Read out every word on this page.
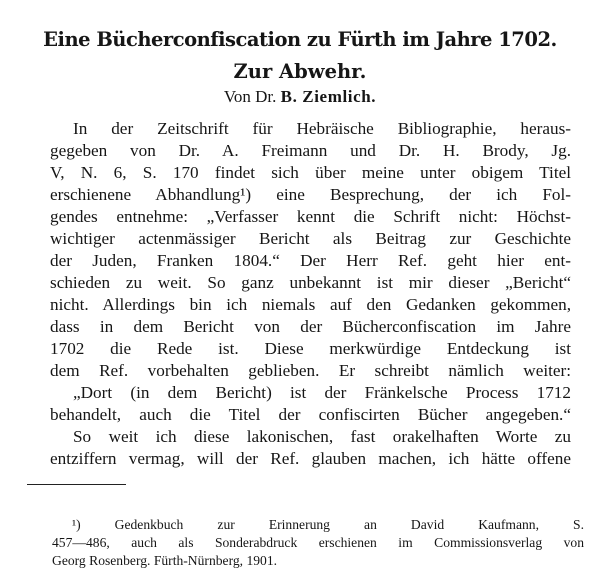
Eine Bücherconfiscation zu Fürth im Jahre 1702.
Zur Abwehr.
Von Dr. B. Ziemlich.
In der Zeitschrift für Hebräische Bibliographie, heraus-
gegeben von Dr. A. Freimann und Dr. H. Brody, Jg.
V, N. 6, S. 170 findet sich über meine unter obigem Titel
erschienene Abhandlung¹) eine Besprechung, der ich Fol-
gendes entnehme: „Verfasser kennt die Schrift nicht: Höchst-
wichtiger actenmässiger Bericht als Beitrag zur Geschichte
der Juden, Franken 1804.“ Der Herr Ref. geht hier ent-
schieden zu weit. So ganz unbekannt ist mir dieser „Bericht“
nicht. Allerdings bin ich niemals auf den Gedanken gekommen,
dass in dem Bericht von der Bücherconfiscation im Jahre
1702 die Rede ist. Diese merkwürdige Entdeckung ist
dem Ref. vorbehalten geblieben. Er schreibt nämlich weiter:
„Dort (in dem Bericht) ist der Fränkelsche Process 1712
behandelt, auch die Titel der confiscirten Bücher angegeben.“
So weit ich diese lakonischen, fast orakelhaften Worte zu
entziffern vermag, will der Ref. glauben machen, ich hätte offene
¹) Gedenkbuch zur Erinnerung an David Kaufmann, S.
457—486, auch als Sonderabdruck erschienen im Commissionsverlag von
Georg Rosenberg. Fürth-Nürnberg, 1901.
